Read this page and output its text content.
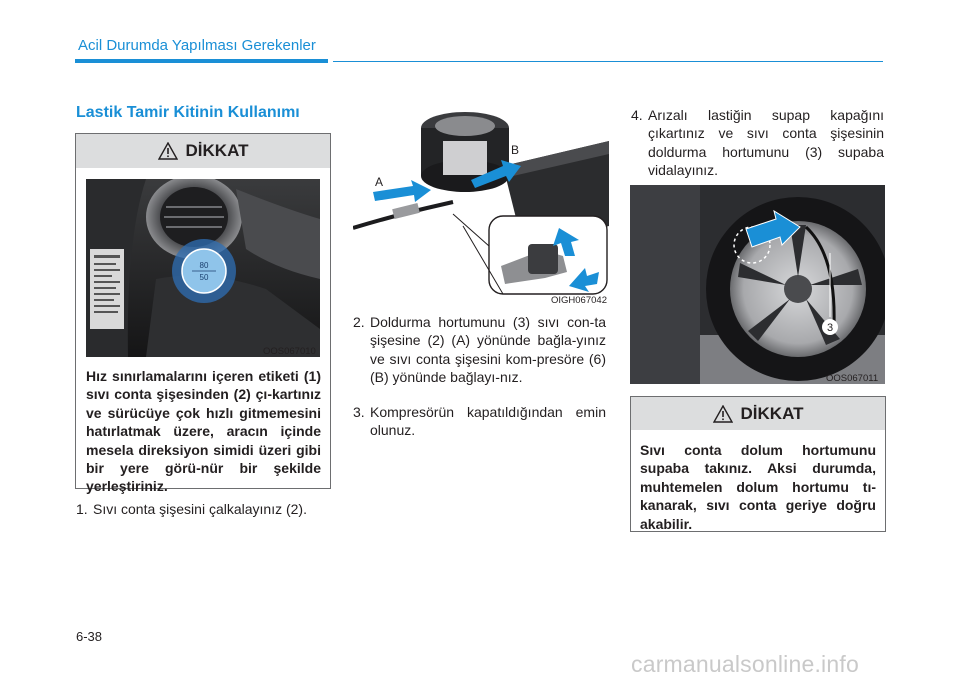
Acil Durumda Yapılması Gerekenler
Lastik Tamir Kitinin Kullanımı
DİKKAT
80
50
OOS067010
Hız sınırlamalarını içeren etiketi (1) sıvı conta şişesinden (2) çı-kartınız ve sürücüye çok hızlı gitmemesini hatırlatmak üzere, aracın içinde mesela direksiyon simidi üzeri gibi bir yere görü-nür bir şekilde yerleştiriniz.
1. Sıvı conta şişesini çalkalayınız (2).
A
B
OIGH067042
2. Doldurma hortumunu (3) sıvı con-ta şişesine (2) (A) yönünde bağla-yınız ve sıvı conta şişesini kom-presöre (6) (B) yönünde bağlayı-nız.
3. Kompresörün kapatıldığından emin olunuz.
4. Arızalı lastiğin supap kapağını çıkartınız ve sıvı conta şişesinin doldurma hortumunu (3) supaba vidalayınız.
3
OOS067011
DİKKAT
Sıvı conta dolum hortumunu supaba takınız. Aksi durumda, muhtemelen dolum hortumu tı-kanarak, sıvı conta geriye doğru akabilir.
6-38
carmanualsonline.info
